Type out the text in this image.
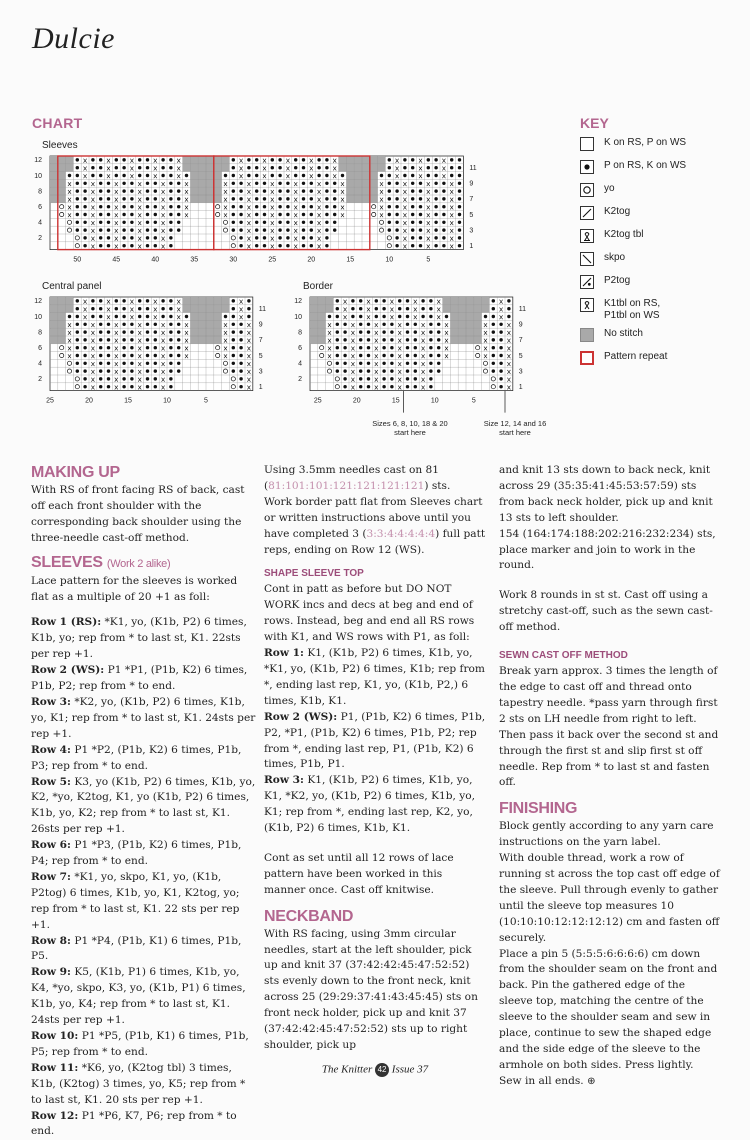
Dulcie
CHART
Sleeves
Central panel	Border
12
10
8
6
4
2
11
9
7
5
3
1
50	45	40	35	30	25	20	15	10	5
12
10
8
6
4
2
11
9
7
5
3
1
25	20	15	10	5
12
10
8
6
4
2
11
9
7
5
3
1
25	20	15	10	5
Sizes 6, 8, 10, 18 & 20
start here
Size 12, 14 and 16
start here
KEY
K on RS, P on WS
P on RS, K on WS
yo
K2tog
K2tog tbl
skpo
P2tog
K1tbl on RS,
P1tbl on WS
No stitch
Pattern repeat
MAKING UP

With RS of front facing RS of back, cast off each front shoulder with the corresponding back shoulder using the three-needle cast-off method.

SLEEVES (Work 2 alike)

Lace pattern for the sleeves is worked flat as a multiple of 20 +1 as foll:

Row 1 (RS): *K1, yo, (K1b, P2) 6 times, K1b, yo; rep from * to last st, K1. 22sts per rep +1.

Row 2 (WS): P1 *P1, (P1b, K2) 6 times, P1b, P2; rep from * to end.

Row 3: *K2, yo, (K1b, P2) 6 times, K1b, yo, K1; rep from * to last st, K1. 24sts per rep +1.

Row 4: P1 *P2, (P1b, K2) 6 times, P1b, P3; rep from * to end.

Row 5: K3, yo (K1b, P2) 6 times, K1b, yo, K2, *yo, K2tog, K1, yo (K1b, P2) 6 times, K1b, yo, K2; rep from * to last st, K1. 26sts per rep +1.

Row 6: P1 *P3, (P1b, K2) 6 times, P1b, P4; rep from * to end.

Row 7: *K1, yo, skpo, K1, yo, (K1b, P2tog) 6 times, K1b, yo, K1, K2tog, yo; rep from * to last st, K1. 22 sts per rep +1.

Row 8: P1 *P4, (P1b, K1) 6 times, P1b, P5.

Row 9: K5, (K1b, P1) 6 times, K1b, yo, K4, *yo, skpo, K3, yo, (K1b, P1) 6 times, K1b, yo, K4; rep from * to last st, K1. 24sts per rep +1.

Row 10: P1 *P5, (P1b, K1) 6 times, P1b, P5; rep from * to end.

Row 11: *K6, yo, (K2tog tbl) 3 times, K1b, (K2tog) 3 times, yo, K5; rep from * to last st, K1. 20 sts per rep +1.

Row 12: P1 *P6, K7, P6; rep from * to end.

Using 3.5mm needles cast on 81 (81:101:101:121:121:121:121) sts.

Work border patt flat from Sleeves chart or written instructions above until you have completed 3 (3:3:4:4:4:4:4) full patt reps, ending on Row 12 (WS).

SHAPE SLEEVE TOP

Cont in patt as before but DO NOT WORK incs and decs at beg and end of rows. Instead, beg and end all RS rows with K1, and WS rows with P1, as foll:

Row 1: K1, (K1b, P2) 6 times, K1b, yo, *K1, yo, (K1b, P2) 6 times, K1b; rep from *, ending last rep, K1, yo, (K1b, P2,) 6 times, K1b, K1.

Row 2 (WS): P1, (P1b, K2) 6 times, P1b, P2, *P1, (P1b, K2) 6 times, P1b, P2; rep from *, ending last rep, P1, (P1b, K2) 6 times, P1b, P1.

Row 3: K1, (K1b, P2) 6 times, K1b, yo, K1, *K2, yo, (K1b, P2) 6 times, K1b, yo, K1; rep from *, ending last rep, K2, yo, (K1b, P2) 6 times, K1b, K1.

Cont as set until all 12 rows of lace pattern have been worked in this manner once. Cast off knitwise.

NECKBAND

With RS facing, using 3mm circular needles, start at the left shoulder, pick up and knit 37 (37:42:42:45:47:52:52) sts evenly down to the front neck, knit across 25 (29:29:37:41:43:45:45) sts on front neck holder, pick up and knit 37 (37:42:42:45:47:52:52) sts up to right shoulder, pick up

and knit 13 sts down to back neck, knit across 29 (35:35:41:45:53:57:59) sts from back neck holder, pick up and knit 13 sts to left shoulder.

154 (164:174:188:202:216:232:234) sts, place marker and join to work in the round.

Work 8 rounds in st st. Cast off using a stretchy cast-off, such as the sewn cast-off method.

SEWN CAST OFF METHOD

Break yarn approx. 3 times the length of the edge to cast off and thread onto tapestry needle. *pass yarn through first 2 sts on LH needle from right to left. Then pass it back over the second st and through the first st and slip first st off needle. Rep from * to last st and fasten off.

FINISHING

Block gently according to any yarn care instructions on the yarn label.

With double thread, work a row of running st across the top cast off edge of the sleeve. Pull through evenly to gather until the sleeve top measures 10 (10:10:10:12:12:12:12) cm and fasten off securely.

Place a pin 5 (5:5:5:6:6:6:6) cm down from the shoulder seam on the front and back. Pin the gathered edge of the sleeve top, matching the centre of the sleeve to the shoulder seam and sew in place, continue to sew the shaped edge and the side edge of the sleeve to the armhole on both sides. Press lightly.

Sew in all ends. ⊕

The Knitter 42 Issue 37
